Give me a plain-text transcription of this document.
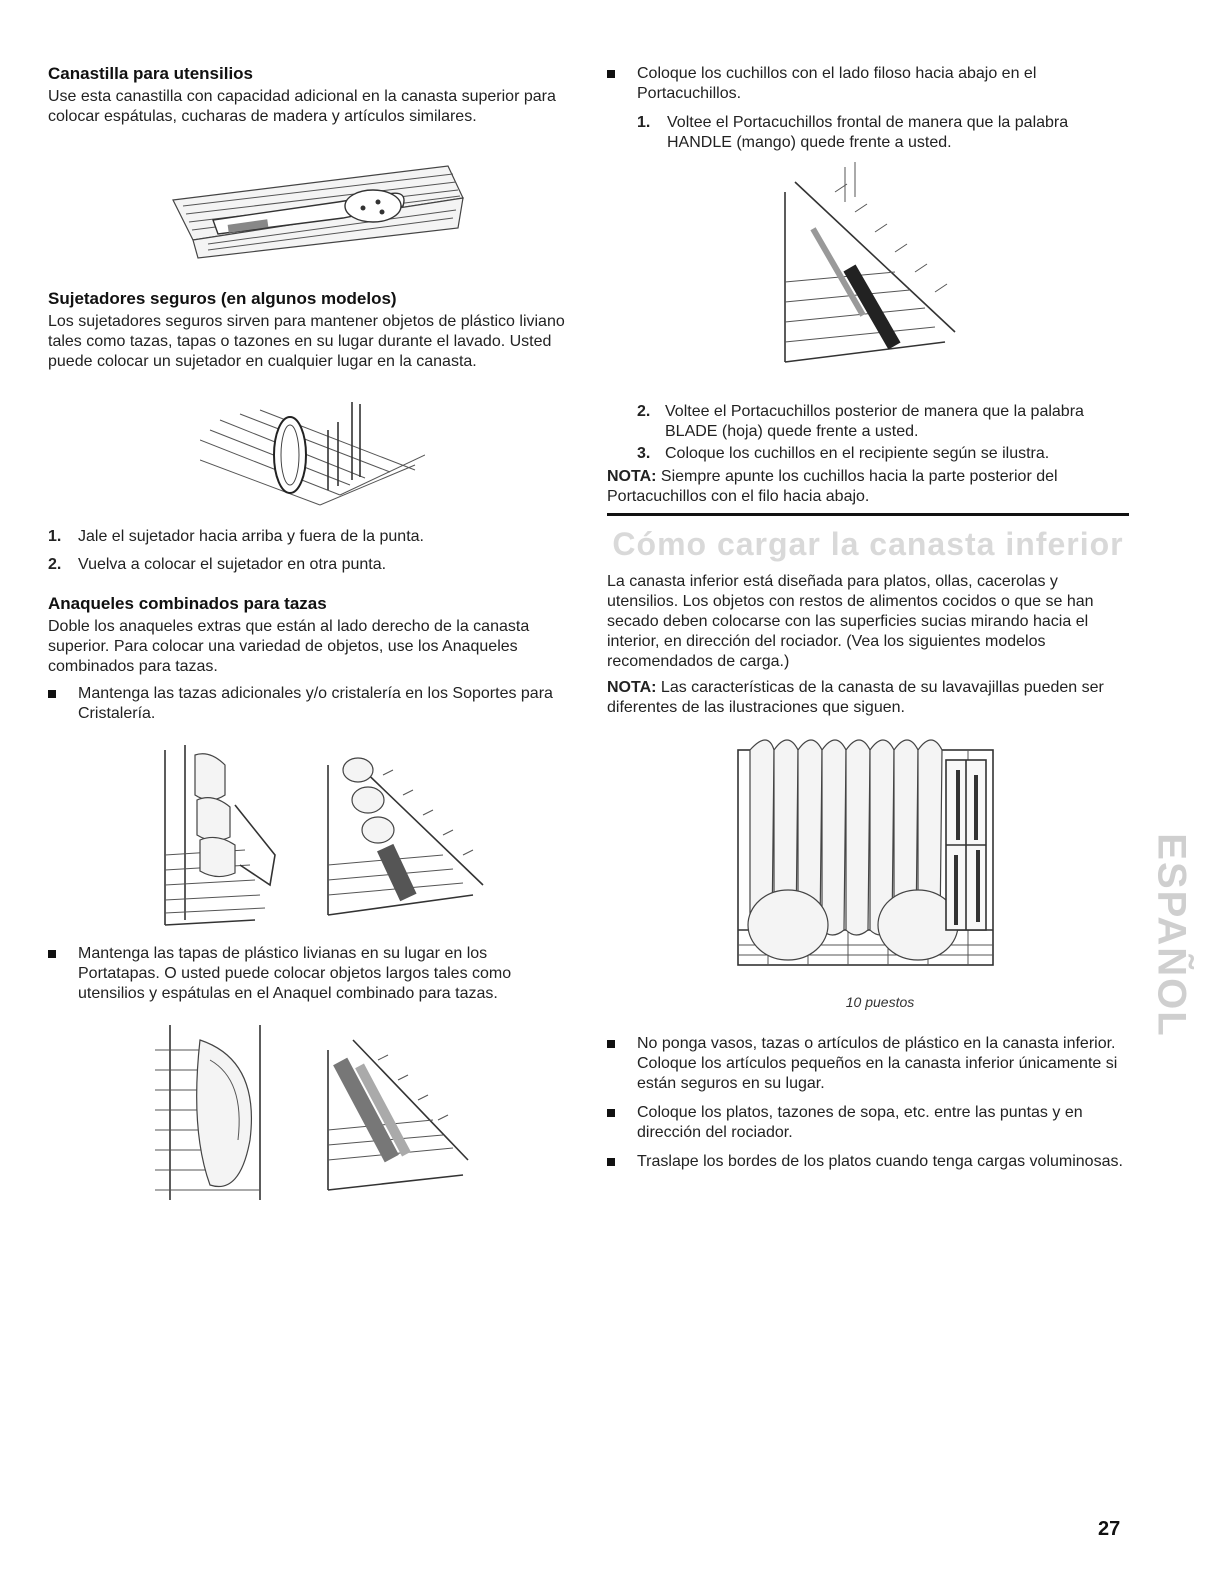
Canastilla para utensilios

Use esta canastilla con capacidad adicional en la canasta superior para colocar espátulas, cucharas de madera y artículos similares.

Sujetadores seguros (en algunos modelos)

Los sujetadores seguros sirven para mantener objetos de plástico liviano tales como tazas, tapas o tazones en su lugar durante el lavado. Usted puede colocar un sujetador en cualquier lugar en la canasta.

1. Jale el sujetador hacia arriba y fuera de la punta.
2. Vuelva a colocar el sujetador en otra punta.
Anaqueles combinados para tazas

Doble los anaqueles extras que están al lado derecho de la canasta superior. Para colocar una variedad de objetos, use los Anaqueles combinados para tazas.

Mantenga las tazas adicionales y/o cristalería en los Soportes para Cristalería.

Mantenga las tapas de plástico livianas en su lugar en los Portatapas. O usted puede colocar objetos largos tales como utensilios y espátulas en el Anaquel combinado para tazas.

Coloque los cuchillos con el lado filoso hacia abajo en el Portacuchillos.

1. Voltee el Portacuchillos frontal de manera que la palabra HANDLE (mango) quede frente a usted.

2. Voltee el Portacuchillos posterior de manera que la palabra BLADE (hoja) quede frente a usted.

3. Coloque los cuchillos en el recipiente según se ilustra.

NOTA: Siempre apunte los cuchillos hacia la parte posterior del Portacuchillos con el filo hacia abajo.

Cómo cargar la canasta inferior

La canasta inferior está diseñada para platos, ollas, cacerolas y utensilios. Los objetos con restos de alimentos cocidos o que se han secado deben colocarse con las superficies sucias mirando hacia el interior, en dirección del rociador. (Vea los siguientes modelos recomendados de carga.)

NOTA: Las características de la canasta de su lavavajillas pueden ser diferentes de las ilustraciones que siguen.

10 puestos

No ponga vasos, tazas o artículos de plástico en la canasta inferior. Coloque los artículos pequeños en la canasta inferior únicamente si están seguros en su lugar.

Coloque los platos, tazones de sopa, etc. entre las puntas y en dirección del rociador.

Traslape los bordes de los platos cuando tenga cargas voluminosas.

ESPAÑOL
27
